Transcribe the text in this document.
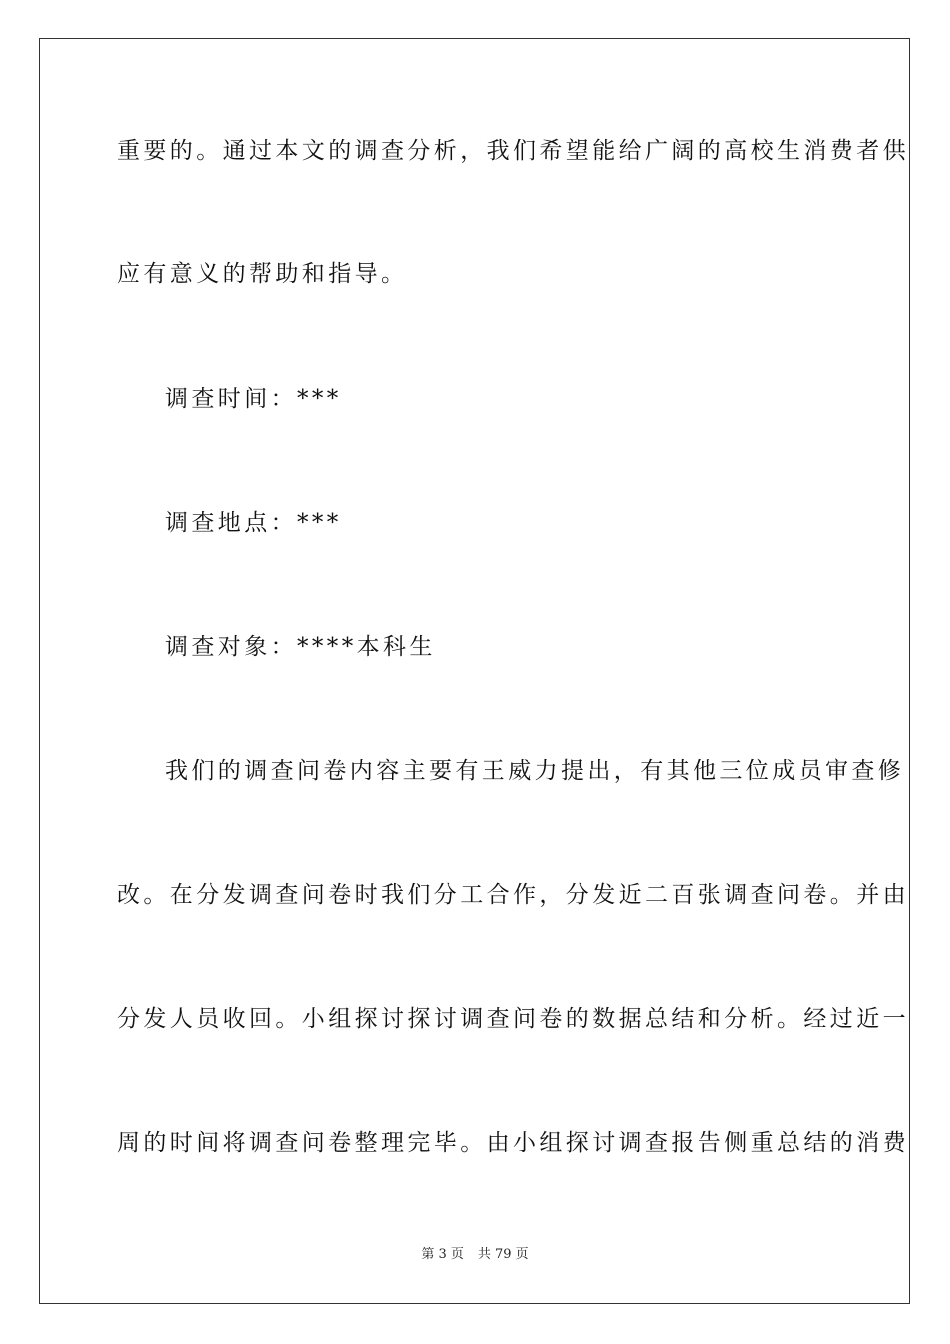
重要的。通过本文的调查分析，我们希望能给广阔的高校生消费者供
应有意义的帮助和指导。
调查时间：***
调查地点：***
调查对象：****本科生
我们的调查问卷内容主要有王威力提出，有其他三位成员审查修
改。在分发调查问卷时我们分工合作，分发近二百张调查问卷。并由
分发人员收回。小组探讨探讨调查问卷的数据总结和分析。经过近一
周的时间将调查问卷整理完毕。由小组探讨调查报告侧重总结的消费
第 3 页 共 79 页
